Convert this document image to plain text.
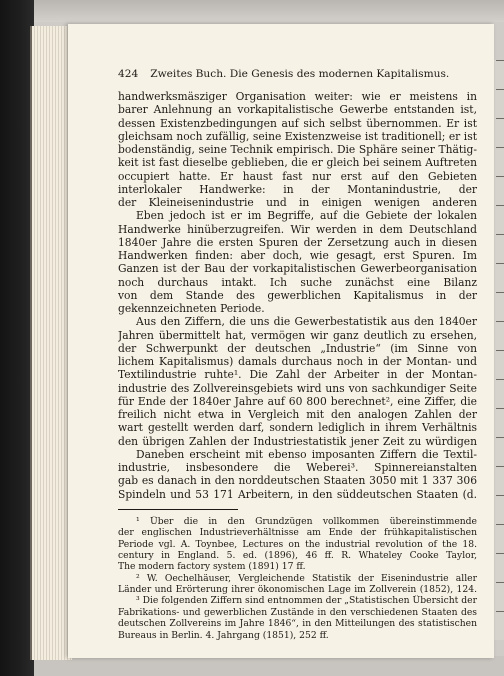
424 Zweites Buch. Die Genesis des modernen Kapitalismus.
handwerksmäsziger Organisation weiter: wie er meistens in
barer Anlehnung an vorkapitalistische Gewerbe entstanden ist,
dessen Existenzbedingungen auf sich selbst übernommen. Er ist
gleichsam noch zufällig, seine Existenzweise ist traditionell; er ist
bodenständig, seine Technik empirisch. Die Sphäre seiner Thätig-
keit ist fast dieselbe geblieben, die er gleich bei seinem Auftreten
occupiert hatte. Er haust fast nur erst auf den Gebieten
interlokaler Handwerke: in der Montanindustrie, der
der Kleineisenindustrie und in einigen wenigen anderen
Eben jedoch ist er im Begriffe, auf die Gebiete der lokalen
Handwerke hinüberzugreifen. Wir werden in dem Deutschland
1840er Jahre die ersten Spuren der Zersetzung auch in diesen
Handwerken finden: aber doch, wie gesagt, erst Spuren. Im
Ganzen ist der Bau der vorkapitalistischen Gewerbeorganisation
noch durchaus intakt. Ich suche zunächst eine Bilanz
von dem Stande des gewerblichen Kapitalismus in der
gekennzeichneten Periode.
Aus den Ziffern, die uns die Gewerbestatistik aus den 1840er
Jahren übermittelt hat, vermögen wir ganz deutlich zu ersehen,
der Schwerpunkt der deutschen „Industrie“ (im Sinne von
lichem Kapitalismus) damals durchaus noch in der Montan- und
Textilindustrie ruhte¹. Die Zahl der Arbeiter in der Montan-
industrie des Zollvereinsgebiets wird uns von sachkundiger Seite
für Ende der 1840er Jahre auf 60 800 berechnet², eine Ziffer, die
freilich nicht etwa in Vergleich mit den analogen Zahlen der
wart gestellt werden darf, sondern lediglich in ihrem Verhältnis
den übrigen Zahlen der Industriestatistik jener Zeit zu würdigen
Daneben erscheint mit ebenso imposanten Ziffern die Textil-
industrie, insbesondere die Weberei³. Spinnereianstalten
gab es danach in den norddeutschen Staaten 3050 mit 1 337 306
Spindeln und 53 171 Arbeitern, in den süddeutschen Staaten (d.
¹ Über die in den Grundzügen vollkommen übereinstimmende
der englischen Industrieverhältnisse am Ende der frühkapitalistischen
Periode vgl. A. Toynbee, Lectures on the industrial revolution of the 18.
century in England. 5. ed. (1896), 46 ff. R. Whateley Cooke Taylor,
The modern factory system (1891) 17 ff.
² W. Oechelhäuser, Vergleichende Statistik der Eisenindustrie aller
Länder und Erörterung ihrer ökonomischen Lage im Zollverein (1852), 124.
³ Die folgenden Ziffern sind entnommen der „Statistischen Übersicht der
Fabrikations- und gewerblichen Zustände in den verschiedenen Staaten des
deutschen Zollvereins im Jahre 1846“, in den Mitteilungen des statistischen
Bureaus in Berlin. 4. Jahrgang (1851), 252 ff.
